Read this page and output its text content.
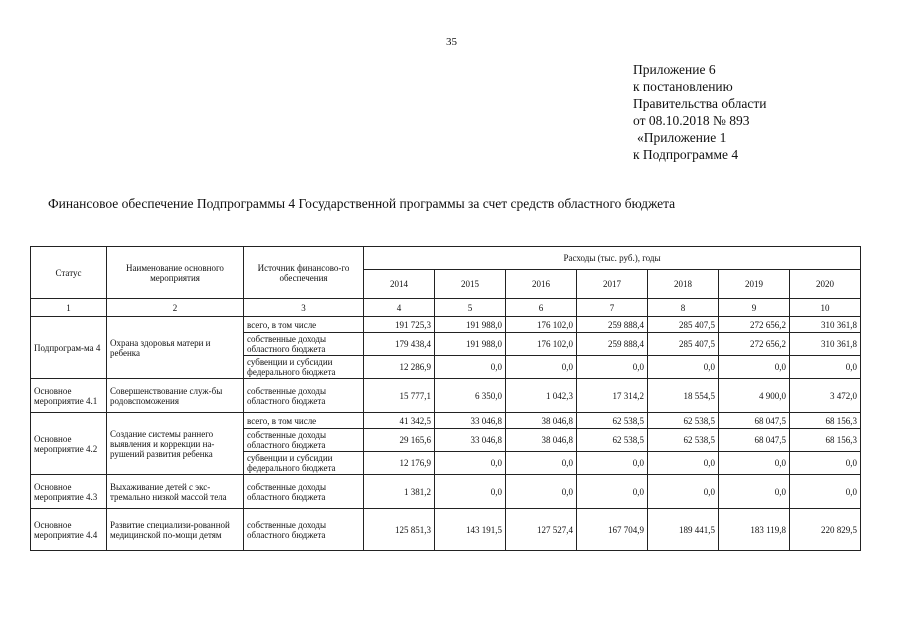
35
Приложение 6
к постановлению
Правительства области
от 08.10.2018 № 893
«Приложение 1
к Подпрограмме 4
Финансовое обеспечение Подпрограммы 4 Государственной программы за счет средств областного бюджета
Статус	Наименование основного мероприятия	Источник финансово-го обеспечения	Расходы (тыс. руб.), годы						
			2014	2015	2016	2017	2018	2019	2020
1	2	3	4	5	6	7	8	9	10
Подпрограм-ма 4	Охрана здоровья матери и ребенка	всего, в том числе	191 725,3	191 988,0	176 102,0	259 888,4	285 407,5	272 656,2	310 361,8
		собственные доходы областного бюджета	179 438,4	191 988,0	176 102,0	259 888,4	285 407,5	272 656,2	310 361,8
		субвенции и субсидии федерального бюджета	12 286,9	0,0	0,0	0,0	0,0	0,0	0,0
Основное мероприятие 4.1	Совершенствование служ-бы родовспоможения	собственные доходы областного бюджета	15 777,1	6 350,0	1 042,3	17 314,2	18 554,5	4 900,0	3 472,0
Основное мероприятие 4.2	Создание системы раннего выявления и коррекции на-рушений развития ребенка	всего, в том числе	41 342,5	33 046,8	38 046,8	62 538,5	62 538,5	68 047,5	68 156,3
		собственные доходы областного бюджета	29 165,6	33 046,8	38 046,8	62 538,5	62 538,5	68 047,5	68 156,3
		субвенции и субсидии федерального бюджета	12 176,9	0,0	0,0	0,0	0,0	0,0	0,0
Основное мероприятие 4.3	Выхаживание детей с экс-тремально низкой массой тела	собственные доходы областного бюджета	1 381,2	0,0	0,0	0,0	0,0	0,0	0,0
Основное мероприятие 4.4	Развитие специализи-рованной медицинской по-мощи детям	собственные доходы областного бюджета	125 851,3	143 191,5	127 527,4	167 704,9	189 441,5	183 119,8	220 829,5
